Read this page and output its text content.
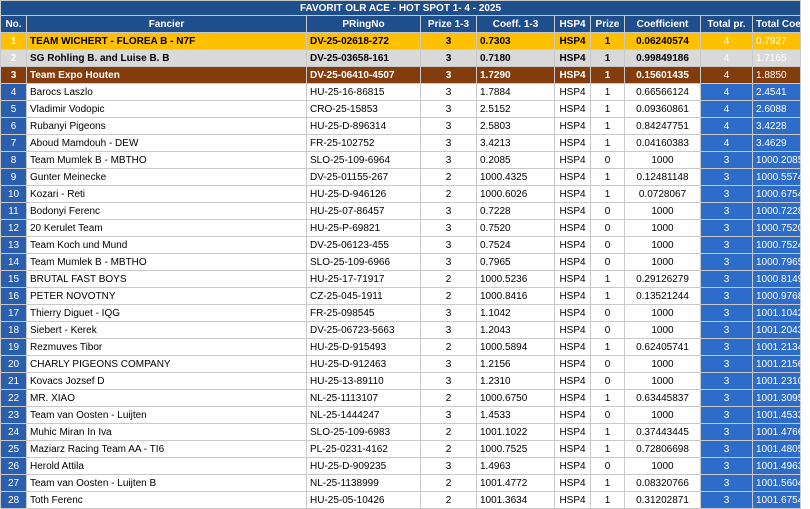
FAVORIT OLR ACE - HOT SPOT 1- 4 - 2025									
No.	Fancier	PRingNo	Prize 1-3	Coeff. 1-3	HSP4	Prize	Coefficient	Total pr.	Total Coeff.
1	TEAM WICHERT - FLOREA B - N7F	DV-25-02618-272	3	0.7303	HSP4	1	0.06240574	4	0.7927
2	SG Rohling B. and Luise B. B	DV-25-03658-161	3	0.7180	HSP4	1	0.99849186	4	1.7165
3	Team Expo Houten	DV-25-06410-4507	3	1.7290	HSP4	1	0.15601435	4	1.8850
4	Barocs Laszlo	HU-25-16-86815	3	1.7884	HSP4	1	0.66566124	4	2.4541
5	Vladimir Vodopic	CRO-25-15853	3	2.5152	HSP4	1	0.09360861	4	2.6088
6	Rubanyi Pigeons	HU-25-D-896314	3	2.5803	HSP4	1	0.84247751	4	3.4228
7	Aboud Mamdouh - DEW	FR-25-102752	3	3.4213	HSP4	1	0.04160383	4	3.4629
8	Team Mumlek B - MBTHO	SLO-25-109-6964	3	0.2085	HSP4	0	1000	3	1000.2085
9	Gunter Meinecke	DV-25-01155-267	2	1000.4325	HSP4	1	0.12481148	3	1000.5574
10	Kozari - Reti	HU-25-D-946126	2	1000.6026	HSP4	1	0.0728067	3	1000.6754
11	Bodonyi Ferenc	HU-25-07-86457	3	0.7228	HSP4	0	1000	3	1000.7228
12	20 Kerulet Team	HU-25-P-69821	3	0.7520	HSP4	0	1000	3	1000.7520
13	Team Koch und Mund	DV-25-06123-455	3	0.7524	HSP4	0	1000	3	1000.7524
14	Team Mumlek B - MBTHO	SLO-25-109-6966	3	0.7965	HSP4	0	1000	3	1000.7965
15	BRUTAL FAST BOYS	HU-25-17-71917	2	1000.5236	HSP4	1	0.29126279	3	1000.8149
16	PETER NOVOTNY	CZ-25-045-1911	2	1000.8416	HSP4	1	0.13521244	3	1000.9768
17	Thierry Diguet - IQG	FR-25-098545	3	1.1042	HSP4	0	1000	3	1001.1042
18	Siebert - Kerek	DV-25-06723-5663	3	1.2043	HSP4	0	1000	3	1001.2043
19	Rezmuves Tibor	HU-25-D-915493	2	1000.5894	HSP4	1	0.62405741	3	1001.2134
20	CHARLY PIGEONS COMPANY	HU-25-D-912463	3	1.2156	HSP4	0	1000	3	1001.2156
21	Kovacs Jozsef D	HU-25-13-89110	3	1.2310	HSP4	0	1000	3	1001.2310
22	MR. XIAO	NL-25-1113107	2	1000.6750	HSP4	1	0.63445837	3	1001.3095
23	Team van Oosten - Luijten	NL-25-1444247	3	1.4533	HSP4	0	1000	3	1001.4533
24	Muhic Miran In Iva	SLO-25-109-6983	2	1001.1022	HSP4	1	0.37443445	3	1001.4766
25	Maziarz Racing Team AA - TI6	PL-25-0231-4162	2	1000.7525	HSP4	1	0.72806698	3	1001.4805
26	Herold Attila	HU-25-D-909235	3	1.4963	HSP4	0	1000	3	1001.4963
27	Team van Oosten - Luijten B	NL-25-1138999	2	1001.4772	HSP4	1	0.08320766	3	1001.5604
28	Toth Ferenc	HU-25-05-10426	2	1001.3634	HSP4	1	0.31202871	3	1001.6754
